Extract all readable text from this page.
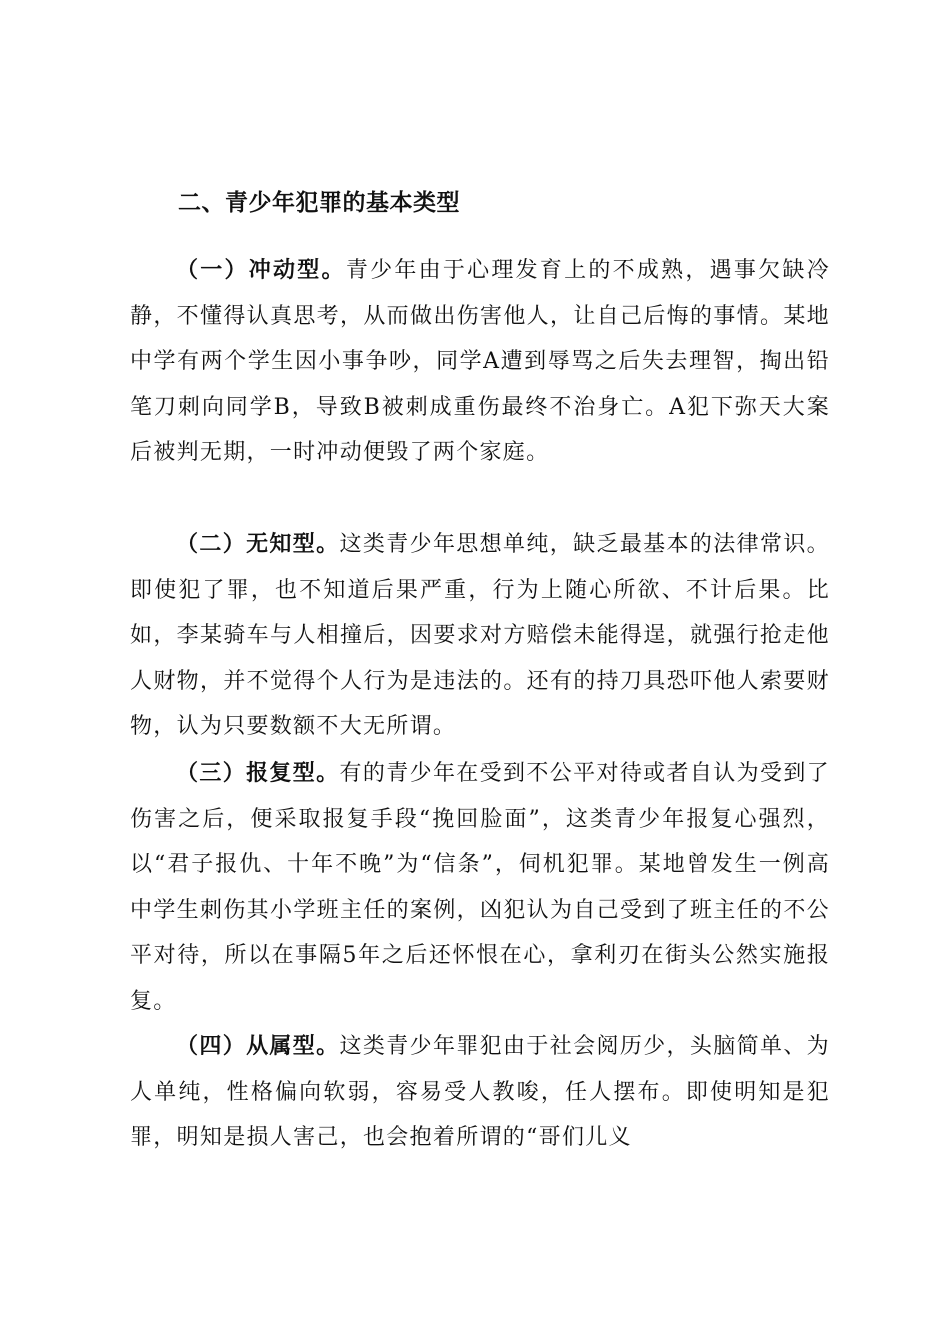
二、青少年犯罪的基本类型

（一）冲动型。青少年由于心理发育上的不成熟，遇事欠缺冷静，不懂得认真思考，从而做出伤害他人，让自己后悔的事情。某地中学有两个学生因小事争吵，同学A遭到辱骂之后失去理智，掏出铅笔刀刺向同学B，导致B被刺成重伤最终不治身亡。A犯下弥天大案后被判无期，一时冲动便毁了两个家庭。

（二）无知型。这类青少年思想单纯，缺乏最基本的法律常识。即使犯了罪，也不知道后果严重，行为上随心所欲、不计后果。比如，李某骑车与人相撞后，因要求对方赔偿未能得逞，就强行抢走他人财物，并不觉得个人行为是违法的。还有的持刀具恐吓他人索要财物，认为只要数额不大无所谓。

（三）报复型。有的青少年在受到不公平对待或者自认为受到了伤害之后，便采取报复手段“挽回脸面”，这类青少年报复心强烈，以“君子报仇、十年不晚”为“信条”，伺机犯罪。某地曾发生一例高中学生刺伤其小学班主任的案例，凶犯认为自己受到了班主任的不公平对待，所以在事隔5年之后还怀恨在心，拿利刃在街头公然实施报复。

（四）从属型。这类青少年罪犯由于社会阅历少，头脑简单、为人单纯，性格偏向软弱，容易受人教唆，任人摆布。即使明知是犯罪，明知是损人害己，也会抱着所谓的“哥们儿义
